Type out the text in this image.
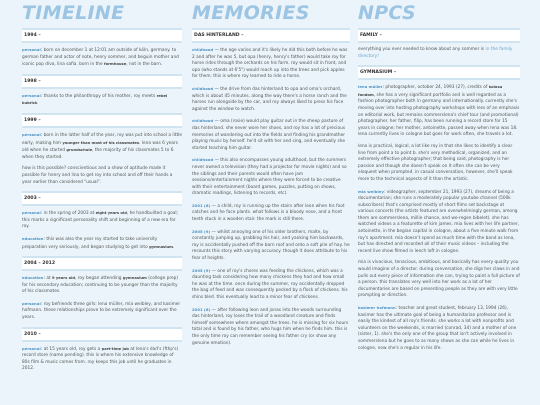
TIMELINE
1994 –

personal: born on december 1 at 12:01 am outside of köln, germany. to german father and actor of note, henry sommer, and beguin mother and iconic pop diva, lina safia. born in the farmhouse, not in the barn.

1998 –

personal: thanks to the philanthropy of his mother, roy meets rebel kubrick

1999 –

personal: born in the latter half of the year, roy was put into school a little early, making him younger than most of his classmates. lena was 6 years old when he started grundschule, the majority of his classmates 5 to 6 when they started.

how is this possible? conscientious and a show of aptitude made it possible for henry and lina to get roy into school and off their hands a year earlier than considered "usual".

2003 –

personal: in the spring of 2003 at eight years old, he handbuilted a goal; this marks a significant personality shift and beginning of a new era for roy.

education: this was also the year roy started to take university preparation very seriously, and began studying to get into gymnasium.

2004 – 2012

education: at 9 years old, roy began attending gymnasium (college prep) for his secondary education; continuing to be younger than the majority of his classmates.

personal: roy befriends three girls: lena müller, mia weibley, and kasimer hofmann. these relationships prove to be extremely significant over the years.

2010 –

personal: at 15 years old, roy gets a part-time job at lena's dad's (fthp's) record store (name pending). this is where his extensive knowledge of 80s film & music comes from. roy keeps this job until he graduates in 2012.

MEMORIES
DAS HINTERLAND –

childhood — the age varies and it's likely he did this both before he was 2 and after he was 5, but opa (henry, henry's father) would take roy for horse rides through the orchards on his farm. roy would sit in front, and opa (who stands at 6'5") would reach up into the trees and pick apples for them. this is where roy learned to ride a horse.

childhood — the drive from das hinterland to opa and oma's orchard, which is about 45 minutes. along the way there's a horse ranch and the horses run alongside by the car, and roy always liked to press his face against the window to watch.

childhood — oma (rosie) would play guitar out in the sheep pasture of das hinterland. she never wore her shoes, and roy has a lot of precious memories of wandering out into the fields and finding his grandmother playing music by herself. he'd sit with her and sing, and eventually she started teaching him guitar.

childhood — this also encompasses young adulthood, but the summers never owned a television (they had a projector for movie nights) and so the siblings and their parents would often have jam sessions/entertainment nights where they were forced to be creative with their entertainment (board games, puzzles, putting on shows, dramatic readings, listening to records, etc).

2001 (6) — a child, roy is running up the stairs after leon when his foot catches and he face plants. what follows is a bloody nose, and a front teeth stuck in a wooden stair. the mark is still there.

2005 (9) — whilst annoying one of his older brothers, malte, by constantly jumping up, grabbing his hair, and yanking him backwards, roy is accidentally pushed off the barn roof and onto a soft pile of hay. he recounts this story with varying accuracy. though it does attribute to his fear of heights.

2005 (9) — one of roy's chores was feeding the chickens, which was a daunting task considering how many chickens they had and how small he was at the time. once during the summer, roy accidentally dropped the bag of feed and was consequently pecked by a flock of chickens. his shins bled. this eventually lead to a minor fear of chickens.

2001 (6) — after following leon and jonas into the woods surrounding das hinterland, roy loses the trail of a woodland creature and finds himself somewhere where amongst the trees. he is missing for six hours total and is found by his father, who hugs him when he finds him. this is the only time roy can remember seeing his father cry (or show any genuine emotion).

NPCS
FAMILY –

everything you ever needed to know about any sommer is in the family directory!

GYMNASIUM –

lena müller: photographer, october 24, 1993 (27), credits of kolosu fandom, she has a very significant portfolio and is well regarded as a fashion photographer both in germany and internationally. currently she's moving over into hosting photography workshops with less of an emphasis on editorial work, but remains sommerslena's chief tour (and promotional) photographer. her father, filip, has been running a record store for 15 years in cologne; her mother, antoinette, passed away when lena was 18. lena currently lives in cologne but goes for work often, she travels a lot.

lena is practical, logical, a lot like roy in that she likes to identify a clear line from point a to point b. she's very methodical, organized, and an extremely effective photographer; that being said, photography is her passion and though she doesn't speak on it often she can be very eloquent when prompted. in casual conversation, however, she'll speak more to the technical aspects of it than the artistic.

mia weibley: videographer, september 21, 1993 (27), dreams of being a documentarian; she runs a moderately popular youtube channel (500k subscribers) that's comprised mostly of short films set backstage at various concerts (the artists featured are overwhelmingly german, among them are sommerslena, millie chance, and we-regen bibelet). she has watched videos a a featurette of kim james. mia lives with her life partner, antoinette, in the begian capital in cologne, about a five minute walk from roy's apartment. mia doesn't spend as much time with the band as lena, but has directed and recorded all of their music videos – including the recent live show filmed in leech loft in cologne.

mia is vivacious, tenacious, ambitious, and basically has every quality you would imagine of a director. during conversation, she digs her claws in and pulls out every piece of information she can, trying to paint a full picture of a person. this translates very well into her work as a lot of her documentaries are based on presenting people as they are with very little prompting or direction.

kasimer hofmann: teacher and great student, february 13, 1994 (26), kasimer has the ultimate goal of being a humanitarian professor and is easily the kindest of all roy's friends. she works a lot with nonprofits and volunteers on the weekends, is married (conrad, 34) and a mother of one (sister, 1). she's the only one of the group that isn't actively involved in sommerslena but he goes to as many shows as she can while he lives in cologne, now she's a regular in his life.
